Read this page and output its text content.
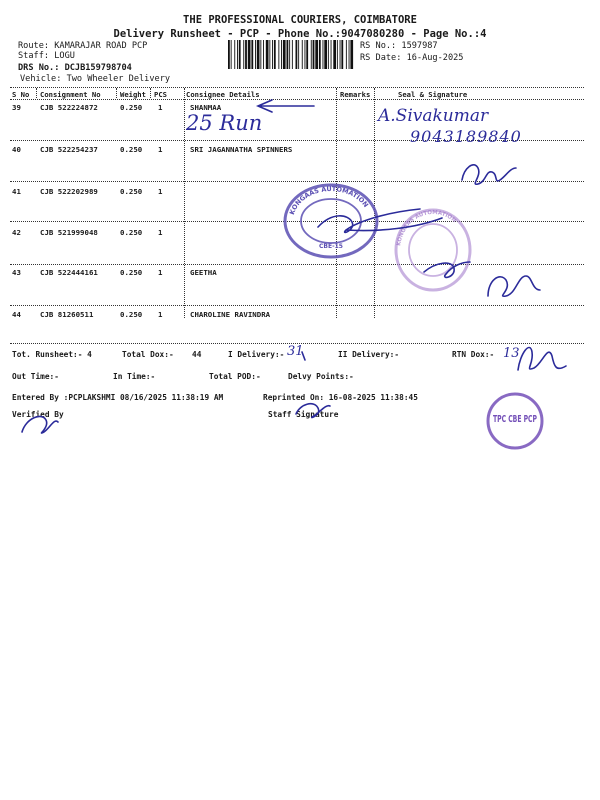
THE PROFESSIONAL COURIERS, COIMBATORE
Delivery Runsheet - PCP - Phone No.:9047080280 - Page No.:4
Route: KAMARAJAR ROAD PCP
Staff: LOGU
DRS No.: DCJB159798704
Vehicle: Two Wheeler Delivery
RS No.: 1597987
RS Date: 16-Aug-2025
S No Consignment No	Weight PCS	Consignee Details	Remarks	Seal & Signature
39	CJB 522224872	0.250 1	SHANMAA
40	CJB 522254237	0.250 1	SRI JAGANNATHA SPINNERS
41	CJB 522202989	0.250 1
42	CJB 521999048	0.250 1
43	CJB 522444161	0.250 1	GEETHA
44	CJB 81260511	0.250 1	CHAROLINE RAVINDRA
Tot. Runsheet:- 4	Total Dox:- 44	I Delivery:-	II Delivery:-	RTN Dox:-
Out Time:-	In Time:-	Total POD:-	Delvy Points:-
Entered By :PCPLAKSHMI 08/16/2025 11:38:19 AM	Reprinted On: 16-08-2025 11:38:45
Verified By	Staff Signature
25 Run	A.Sivakumar
9043189840
31	13
KONGAAS AUTOMATION
CBE-15	KONGAAS AUTOMATION
TPC CBE PCP
